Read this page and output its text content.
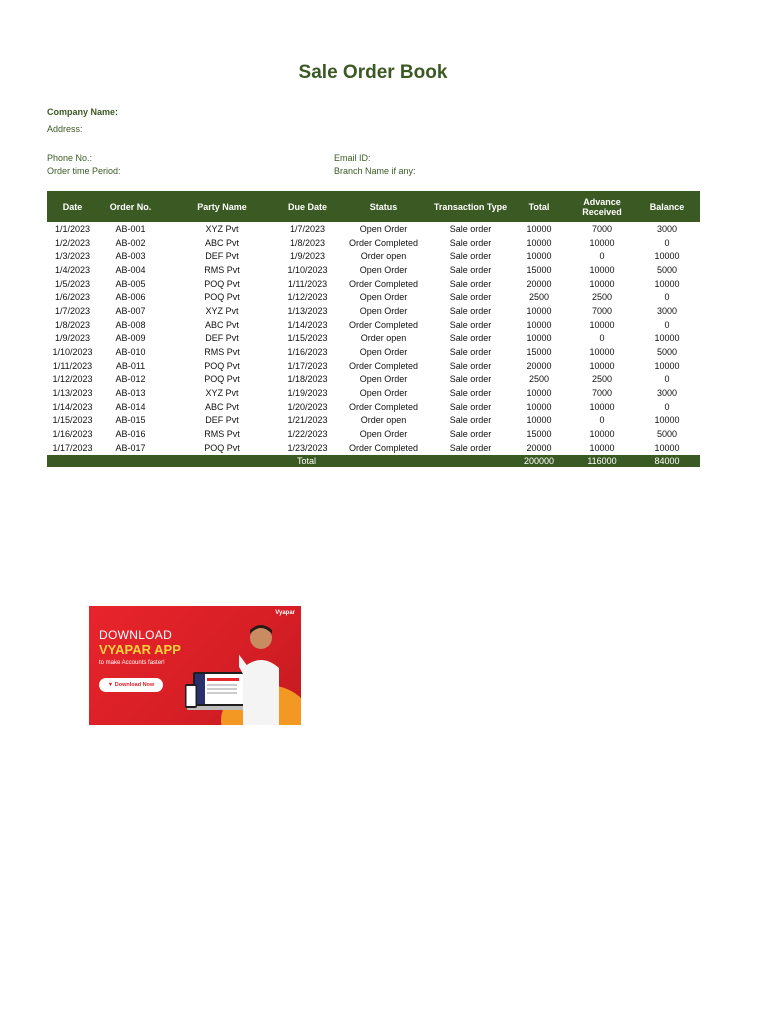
Sale Order Book
Company Name:
Address:
Phone No.:
Order time Period:
Email ID:
Branch Name if any:
Date	Order No.	Party Name	Due Date	Status	Transaction Type	Total	Advance Received	Balance
1/1/2023	AB-001	XYZ Pvt	1/7/2023	Open Order	Sale order	10000	7000	3000
1/2/2023	AB-002	ABC Pvt	1/8/2023	Order Completed	Sale order	10000	10000	0
1/3/2023	AB-003	DEF Pvt	1/9/2023	Order open	Sale order	10000	0	10000
1/4/2023	AB-004	RMS Pvt	1/10/2023	Open Order	Sale order	15000	10000	5000
1/5/2023	AB-005	POQ Pvt	1/11/2023	Order Completed	Sale order	20000	10000	10000
1/6/2023	AB-006	POQ Pvt	1/12/2023	Open Order	Sale order	2500	2500	0
1/7/2023	AB-007	XYZ Pvt	1/13/2023	Open Order	Sale order	10000	7000	3000
1/8/2023	AB-008	ABC Pvt	1/14/2023	Order Completed	Sale order	10000	10000	0
1/9/2023	AB-009	DEF Pvt	1/15/2023	Order open	Sale order	10000	0	10000
1/10/2023	AB-010	RMS Pvt	1/16/2023	Open Order	Sale order	15000	10000	5000
1/11/2023	AB-011	POQ Pvt	1/17/2023	Order Completed	Sale order	20000	10000	10000
1/12/2023	AB-012	POQ Pvt	1/18/2023	Open Order	Sale order	2500	2500	0
1/13/2023	AB-013	XYZ Pvt	1/19/2023	Open Order	Sale order	10000	7000	3000
1/14/2023	AB-014	ABC Pvt	1/20/2023	Order Completed	Sale order	10000	10000	0
1/15/2023	AB-015	DEF Pvt	1/21/2023	Order open	Sale order	10000	0	10000
1/16/2023	AB-016	RMS Pvt	1/22/2023	Open Order	Sale order	15000	10000	5000
1/17/2023	AB-017	POQ Pvt	1/23/2023	Order Completed	Sale order	20000	10000	10000
Total						200000	116000	84000
Vyapar
DOWNLOAD
VYAPAR APP
to make Accounts faster!
▼ Download Now
